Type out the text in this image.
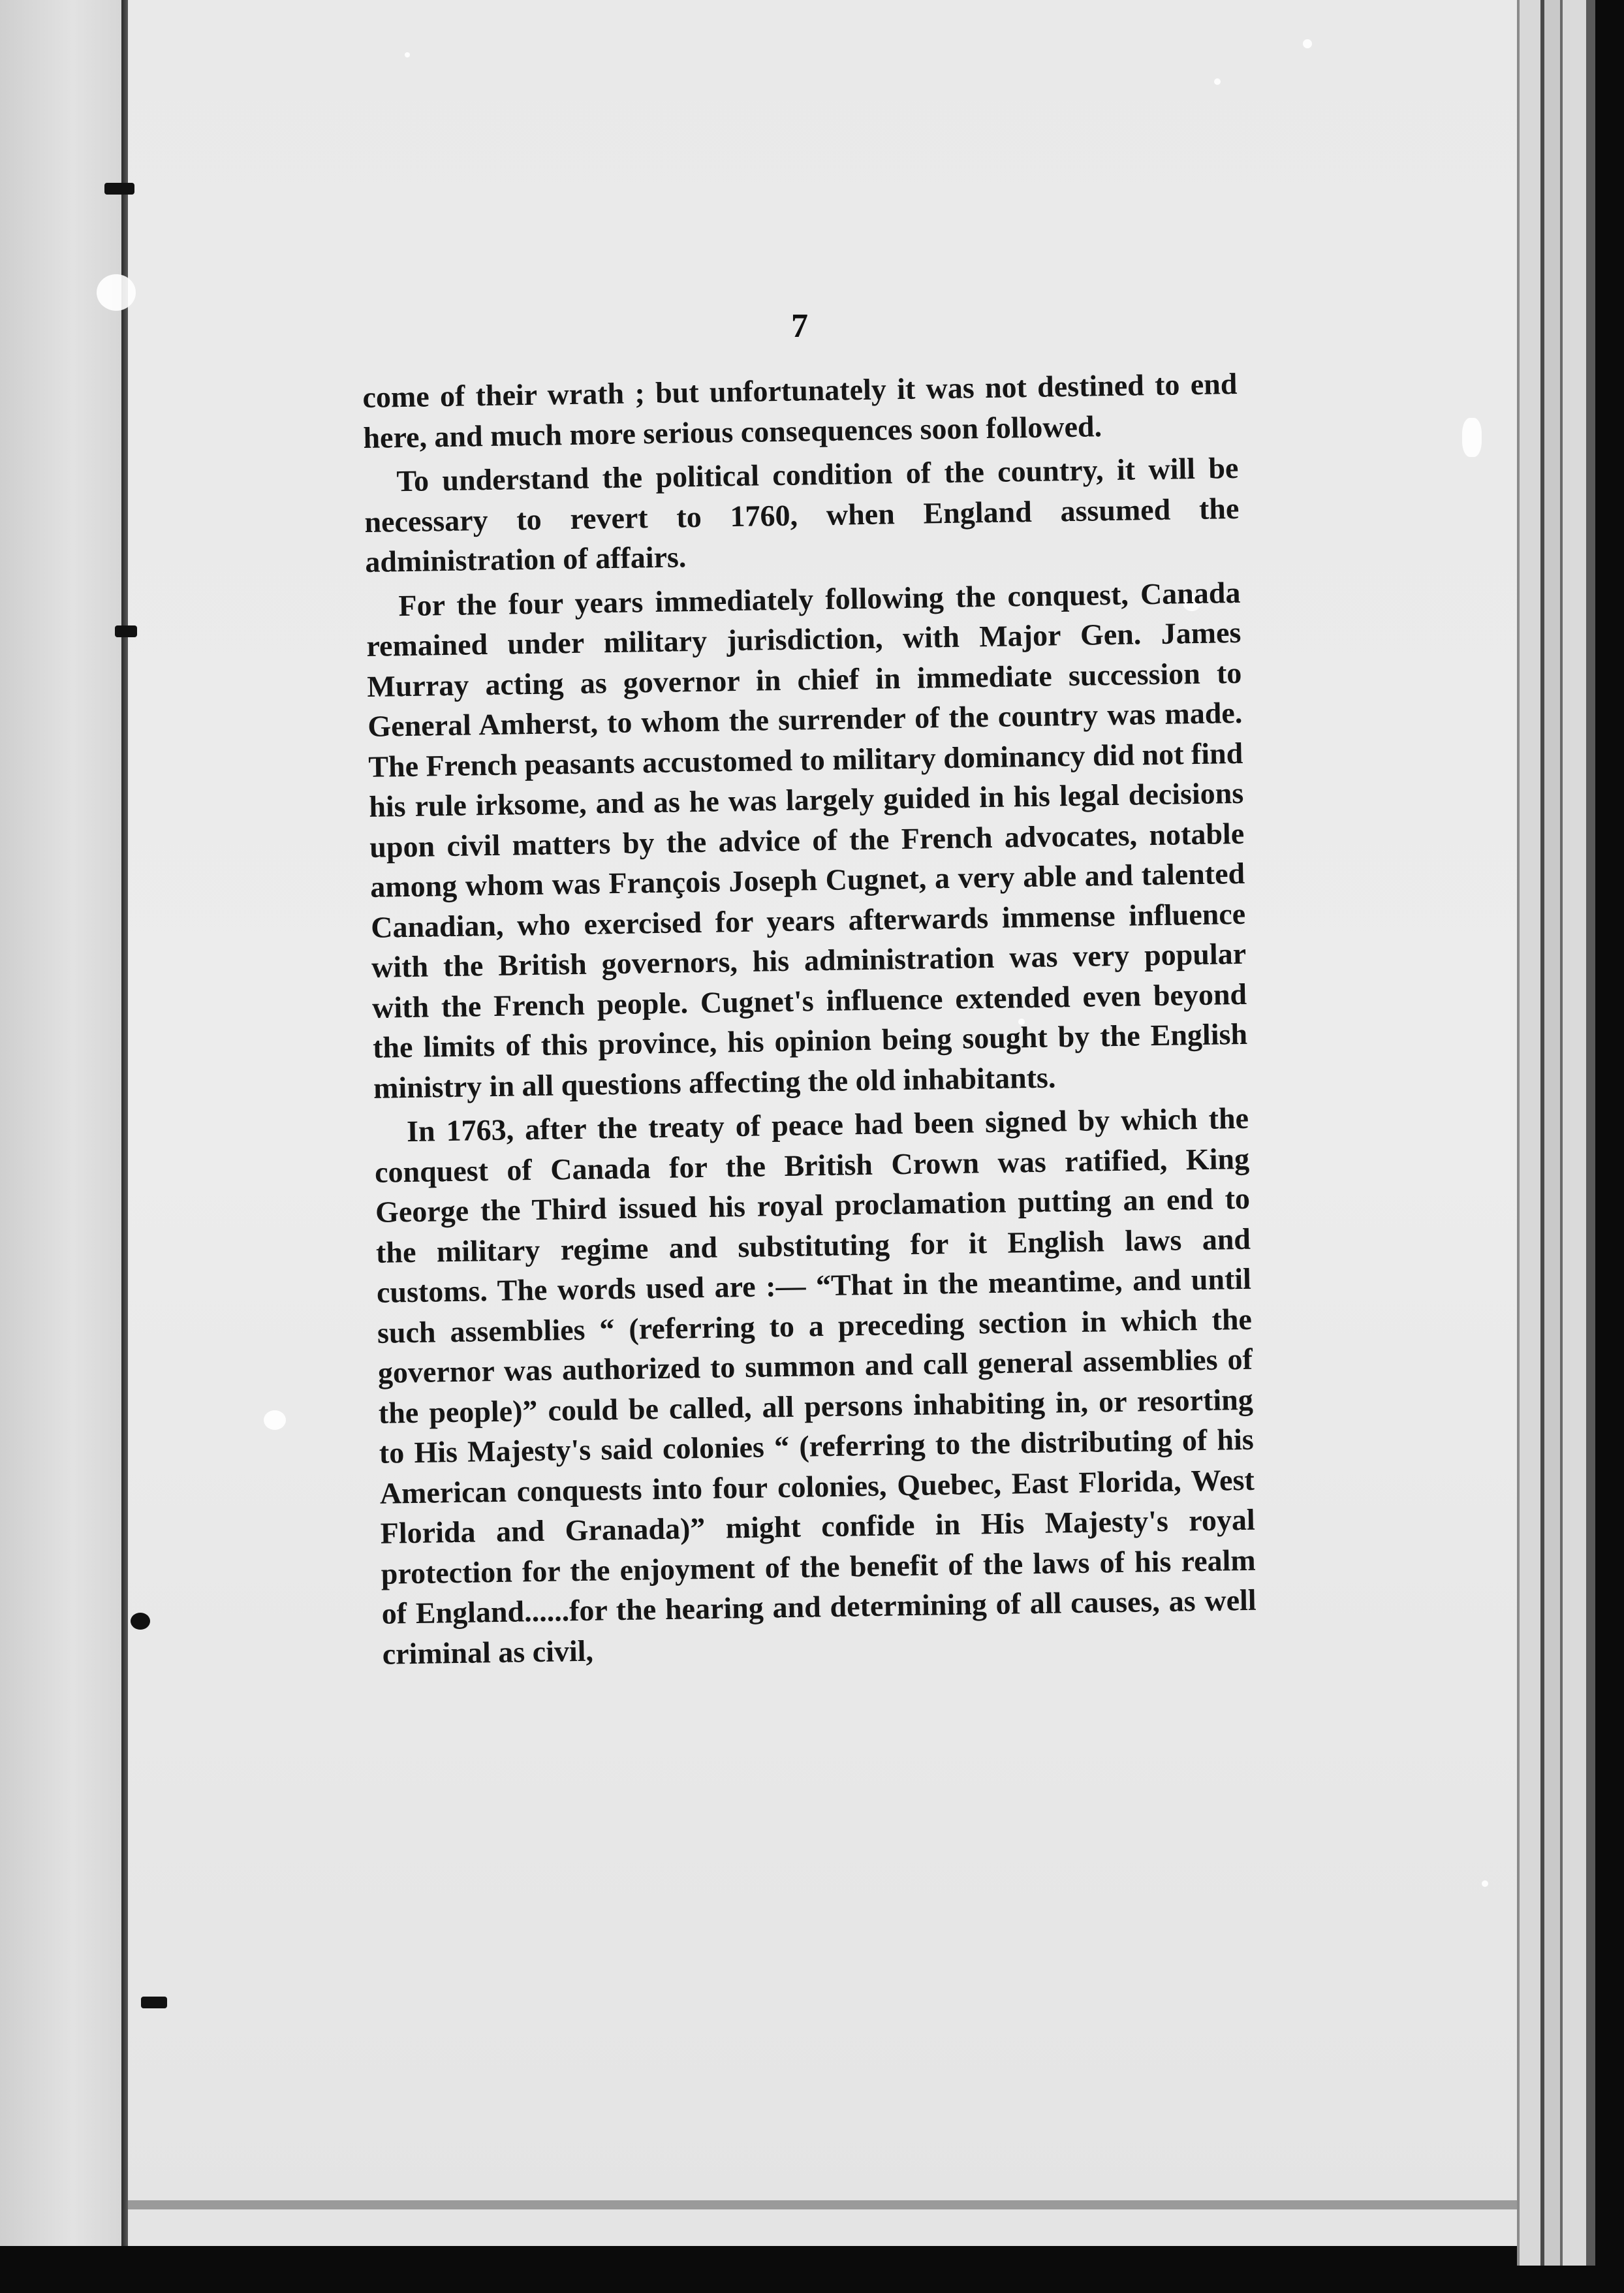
7

come of their wrath ; but unfortunately it was not destined to end here, and much more serious consequences soon followed.

To understand the political condition of the country, it will be necessary to revert to 1760, when England assumed the administration of affairs.

For the four years immediately following the conquest, Canada remained under military jurisdiction, with Major Gen. James Murray acting as governor in chief in immediate succession to General Amherst, to whom the surrender of the country was made. The French peasants accustomed to military dominancy did not find his rule irksome, and as he was largely guided in his legal decisions upon civil matters by the advice of the French advocates, notable among whom was François Joseph Cugnet, a very able and talented Canadian, who exercised for years afterwards immense influence with the British governors, his administration was very popular with the French people. Cugnet's influence extended even beyond the limits of this province, his opinion being sought by the English ministry in all questions affecting the old inhabitants.

In 1763, after the treaty of peace had been signed by which the conquest of Canada for the British Crown was ratified, King George the Third issued his royal proclamation putting an end to the military regime and substituting for it English laws and customs. The words used are :— “That in the meantime, and until such assemblies “ (referring to a preceding section in which the governor was authorized to summon and call general assemblies of the people)” could be called, all persons inhabiting in, or resorting to His Majesty's said colonies “ (referring to the distributing of his American conquests into four colonies, Quebec, East Florida, West Florida and Granada)” might confide in His Majesty's royal protection for the enjoyment of the benefit of the laws of his realm of England......for the hearing and determining of all causes, as well criminal as civil,
